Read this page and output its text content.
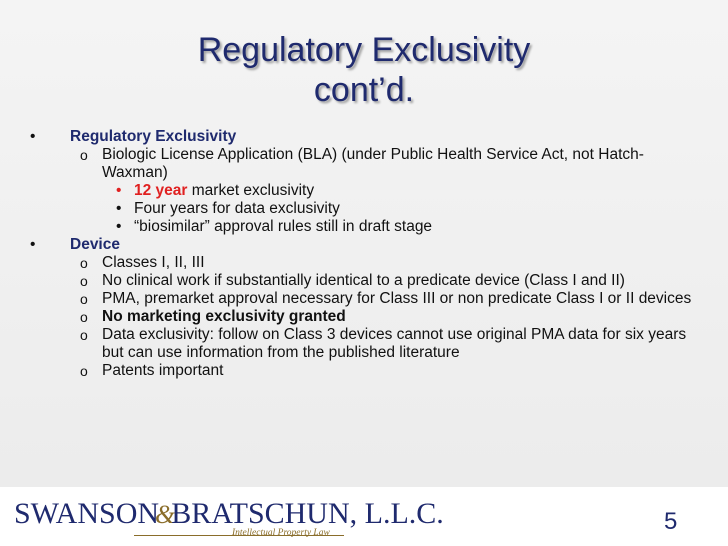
Regulatory Exclusivity
cont’d.
• Regulatory Exclusivity
o Biologic License Application (BLA) (under Public Health Service Act, not Hatch-Waxman)
• 12 year market exclusivity
• Four years for data exclusivity
• “biosimilar” approval rules still in draft stage
• Device
o Classes I, II, III
o No clinical work if substantially identical to a predicate device (Class I and II)
o PMA, premarket approval necessary for Class III or non predicate Class I or II devices
o No marketing exclusivity granted
o Data exclusivity: follow on Class 3 devices cannot use original PMA data for six years but can use information from the published literature
o Patents important
SWANSON&BRATSCHUN, L.L.C.
Intellectual Property Law	5
